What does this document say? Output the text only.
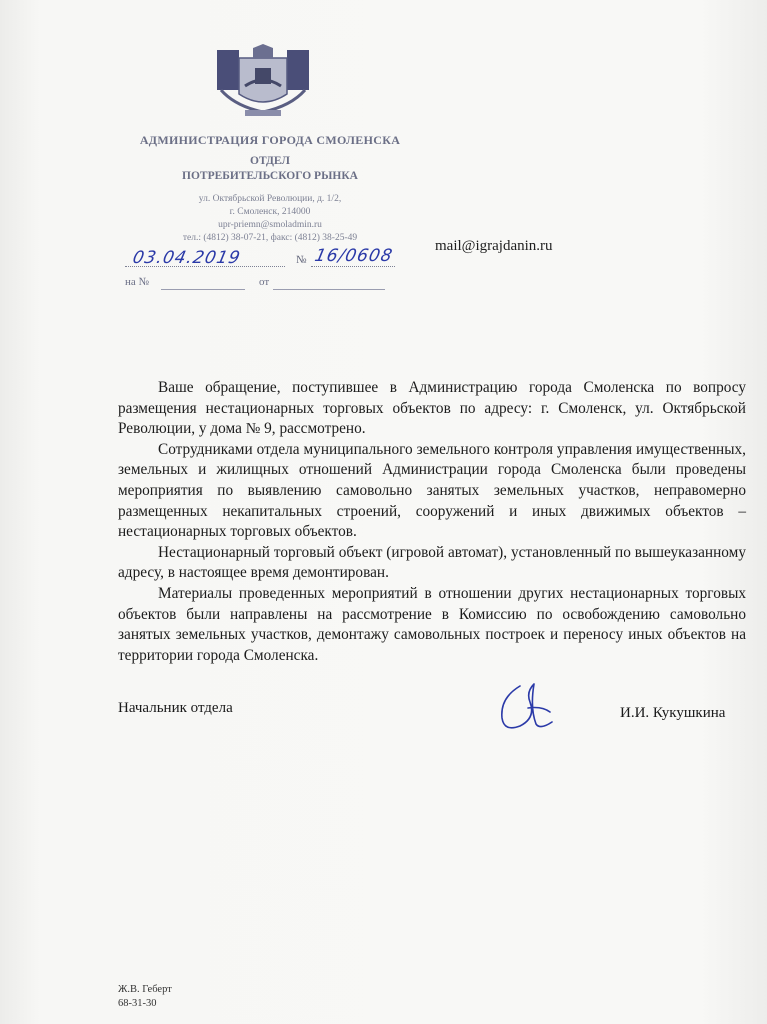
АДМИНИСТРАЦИЯ ГОРОДА СМОЛЕНСКА
ОТДЕЛ
ПОТРЕБИТЕЛЬСКОГО РЫНКА
ул. Октябрьской Революции, д. 1/2,
г. Смоленск, 214000
upr-priemn@smoladmin.ru
тел.: (4812) 38-07-21, факс: (4812) 38-25-49
03.04.2019	№ 16/0608
на №	от
mail@igrajdanin.ru

Ваше обращение, поступившее в Администрацию города Смоленска по вопросу размещения нестационарных торговых объектов по адресу: г. Смоленск, ул. Октябрьской Революции, у дома № 9, рассмотрено.

Сотрудниками отдела муниципального земельного контроля управления имущественных, земельных и жилищных отношений Администрации города Смоленска были проведены мероприятия по выявлению самовольно занятых земельных участков, неправомерно размещенных некапитальных строений, сооружений и иных движимых объектов – нестационарных торговых объектов.

Нестационарный торговый объект (игровой автомат), установленный по вышеуказанному адресу, в настоящее время демонтирован.

Материалы проведенных мероприятий в отношении других нестационарных торговых объектов были направлены на рассмотрение в Комиссию по освобождению самовольно занятых земельных участков, демонтажу самовольных построек и переносу иных объектов на территории города Смоленска.

Начальник отдела	И.И. Кукушкина
Ж.В. Геберт
68-31-30
